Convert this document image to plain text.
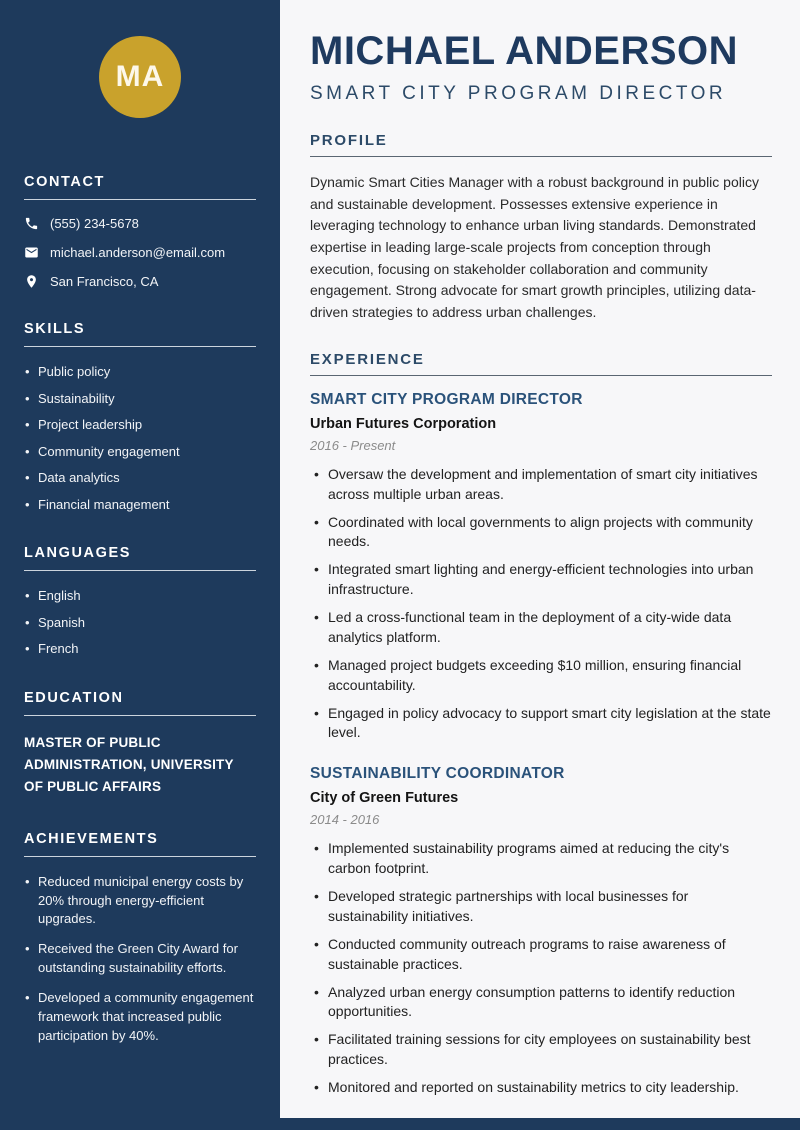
MA
CONTACT
(555) 234-5678
michael.anderson@email.com
San Francisco, CA
SKILLS
• Public policy
• Sustainability
• Project leadership
• Community engagement
• Data analytics
• Financial management
LANGUAGES
• English
• Spanish
• French
EDUCATION
MASTER OF PUBLIC ADMINISTRATION, UNIVERSITY OF PUBLIC AFFAIRS
ACHIEVEMENTS
• Reduced municipal energy costs by 20% through energy-efficient upgrades.
• Received the Green City Award for outstanding sustainability efforts.
• Developed a community engagement framework that increased public participation by 40%.
MICHAEL ANDERSON
SMART CITY PROGRAM DIRECTOR
PROFILE

Dynamic Smart Cities Manager with a robust background in public policy and sustainable development. Possesses extensive experience in leveraging technology to enhance urban living standards. Demonstrated expertise in leading large-scale projects from conception through execution, focusing on stakeholder collaboration and community engagement. Strong advocate for smart growth principles, utilizing data-driven strategies to address urban challenges.

EXPERIENCE
SMART CITY PROGRAM DIRECTOR
Urban Futures Corporation
2016 - Present
• Oversaw the development and implementation of smart city initiatives across multiple urban areas.
• Coordinated with local governments to align projects with community needs.
• Integrated smart lighting and energy-efficient technologies into urban infrastructure.
• Led a cross-functional team in the deployment of a city-wide data analytics platform.
• Managed project budgets exceeding $10 million, ensuring financial accountability.
• Engaged in policy advocacy to support smart city legislation at the state level.
SUSTAINABILITY COORDINATOR
City of Green Futures
2014 - 2016
• Implemented sustainability programs aimed at reducing the city's carbon footprint.
• Developed strategic partnerships with local businesses for sustainability initiatives.
• Conducted community outreach programs to raise awareness of sustainable practices.
• Analyzed urban energy consumption patterns to identify reduction opportunities.
• Facilitated training sessions for city employees on sustainability best practices.
• Monitored and reported on sustainability metrics to city leadership.
